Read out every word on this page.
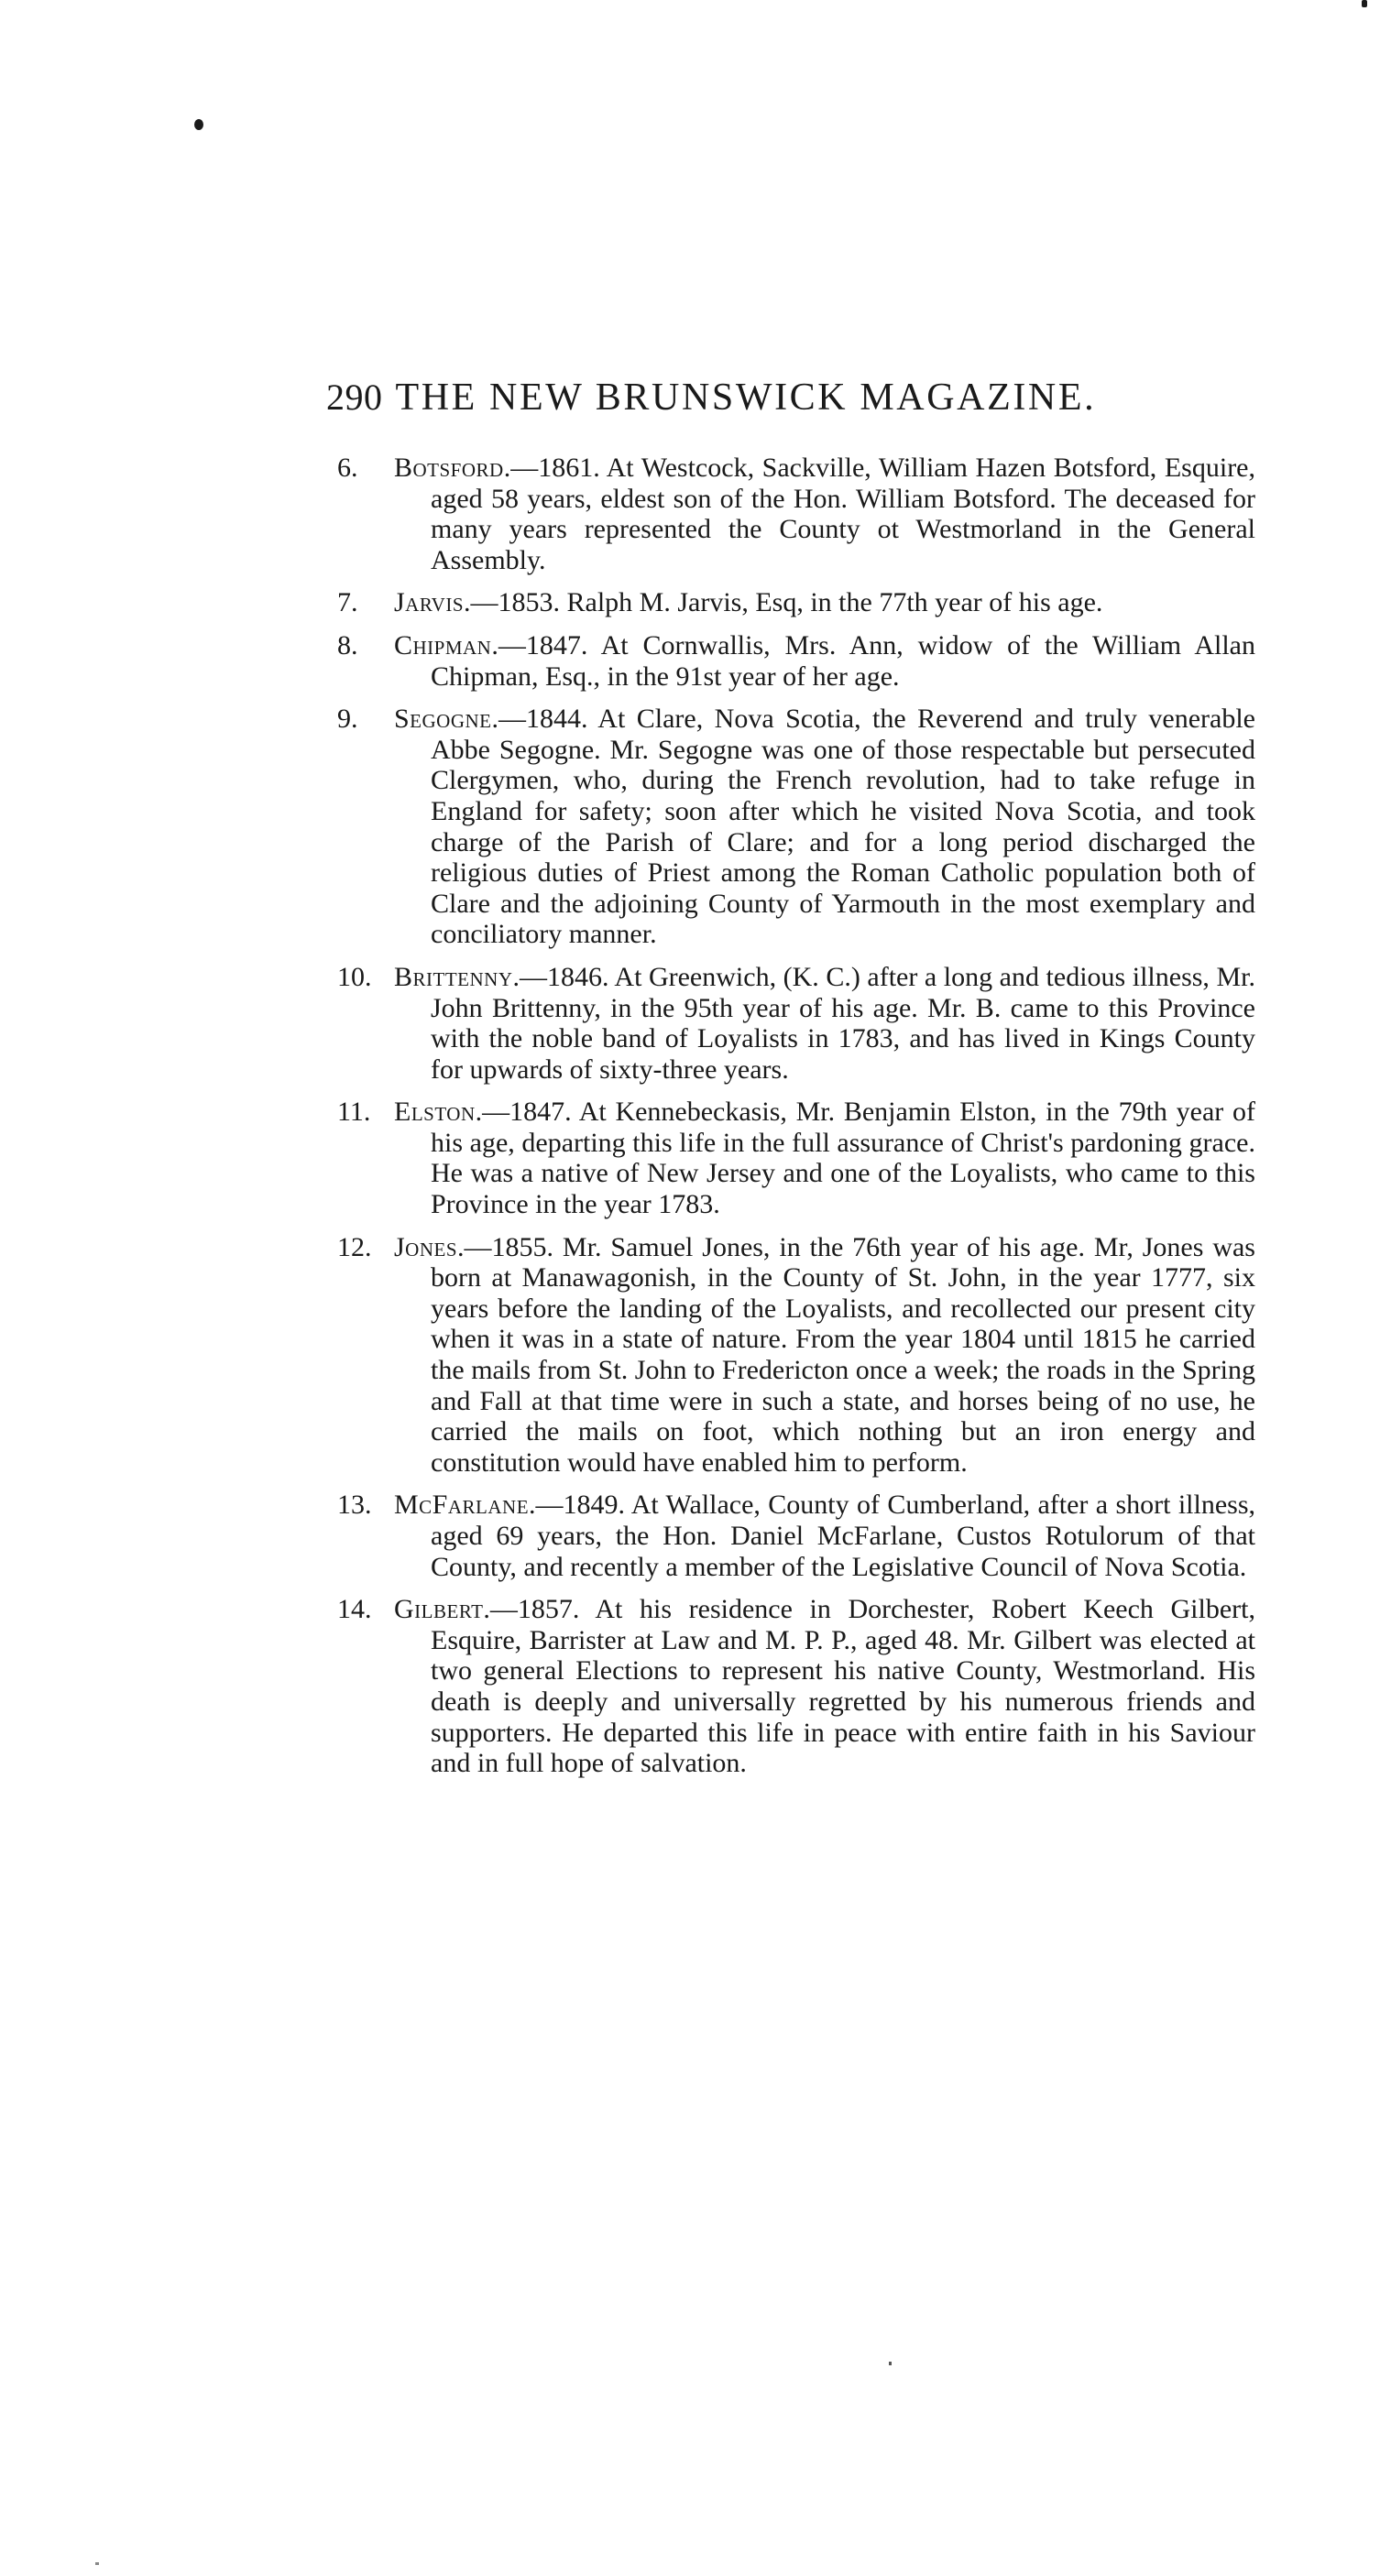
290 THE NEW BRUNSWICK MAGAZINE.
6.	Botsford.—1861. At Westcock, Sackville, William Hazen Botsford, Esquire, aged 58 years, eldest son of the Hon. William Botsford. The deceased for many years represented the County ot Westmorland in the General Assembly.
7.	Jarvis.—1853. Ralph M. Jarvis, Esq, in the 77th year of his age.
8.	Chipman.—1847. At Cornwallis, Mrs. Ann, widow of the William Allan Chipman, Esq., in the 91st year of her age.
9.	Segogne.—1844. At Clare, Nova Scotia, the Reverend and truly venerable Abbe Segogne. Mr. Segogne was one of those respectable but persecuted Clergymen, who, during the French revolution, had to take refuge in England for safety; soon after which he visited Nova Scotia, and took charge of the Parish of Clare; and for a long period discharged the religious duties of Priest among the Roman Catholic population both of Clare and the adjoining County of Yarmouth in the most exemplary and conciliatory manner.
10. Brittenny.—1846. At Greenwich, (K. C.) after a long and tedious illness, Mr. John Brittenny, in the 95th year of his age. Mr. B. came to this Province with the noble band of Loyalists in 1783, and has lived in Kings County for upwards of sixty-three years.
11. Elston.—1847. At Kennebeckasis, Mr. Benjamin Elston, in the 79th year of his age, departing this life in the full assurance of Christ's pardoning grace. He was a native of New Jersey and one of the Loyalists, who came to this Province in the year 1783.
12. Jones.—1855. Mr. Samuel Jones, in the 76th year of his age. Mr, Jones was born at Manawagonish, in the County of St. John, in the year 1777, six years before the landing of the Loyalists, and recollected our present city when it was in a state of nature. From the year 1804 until 1815 he carried the mails from St. John to Fredericton once a week; the roads in the Spring and Fall at that time were in such a state, and horses being of no use, he carried the mails on foot, which nothing but an iron energy and constitution would have enabled him to perform.
13. McFarlane.—1849. At Wallace, County of Cumberland, after a short illness, aged 69 years, the Hon. Daniel McFarlane, Custos Rotulorum of that County, and recently a member of the Legislative Council of Nova Scotia.
14. Gilbert.—1857. At his residence in Dorchester, Robert Keech Gilbert, Esquire, Barrister at Law and M. P. P., aged 48. Mr. Gilbert was elected at two general Elections to represent his native County, Westmorland. His death is deeply and universally regretted by his numerous friends and supporters. He departed this life in peace with entire faith in his Saviour and in full hope of salvation.
